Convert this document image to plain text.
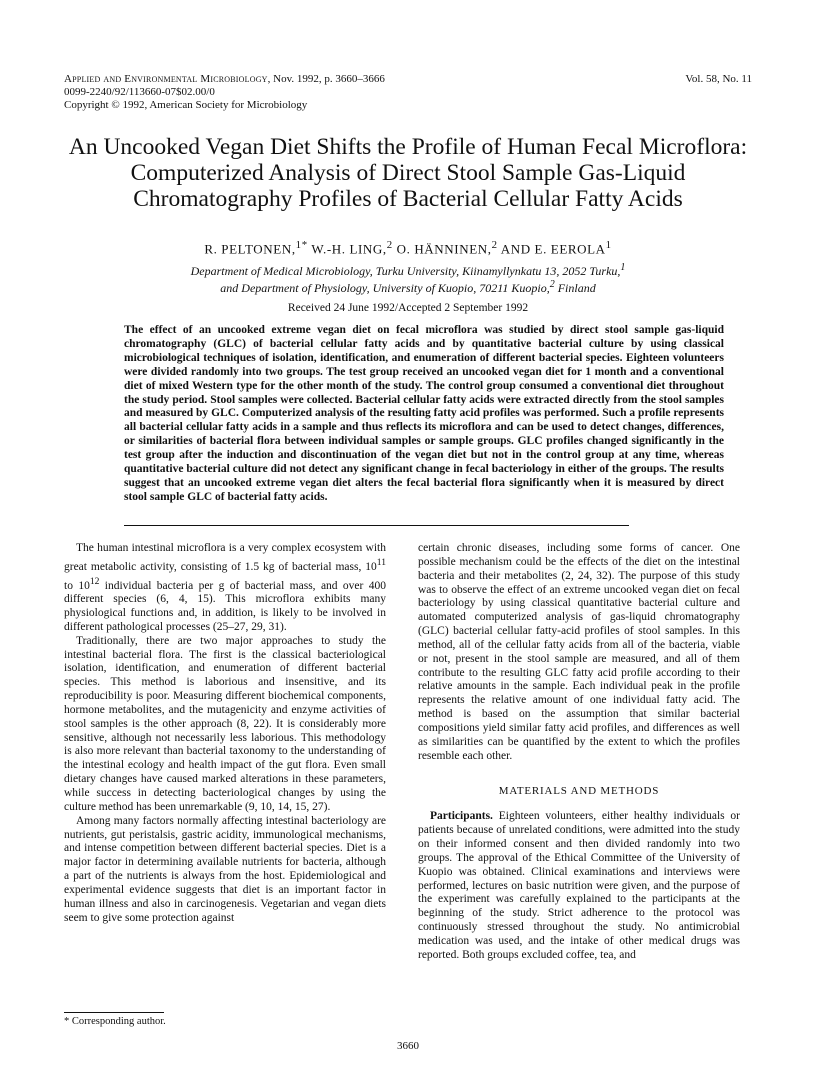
Applied and Environmental Microbiology, Nov. 1992, p. 3660–3666
0099-2240/92/113660-07$02.00/0
Copyright © 1992, American Society for Microbiology
Vol. 58, No. 11
An Uncooked Vegan Diet Shifts the Profile of Human Fecal Microflora: Computerized Analysis of Direct Stool Sample Gas-Liquid Chromatography Profiles of Bacterial Cellular Fatty Acids
R. PELTONEN,$^{1*}$ W.-H. LING,$^2$ O. HÄNNINEN,$^2$ AND E. EEROLA$^1$
Department of Medical Microbiology, Turku University, Kiinamyllynkatu 13, 2052 Turku,$^1$
and Department of Physiology, University of Kuopio, 70211 Kuopio,$^2$ Finland
Received 24 June 1992/Accepted 2 September 1992

The effect of an uncooked extreme vegan diet on fecal microflora was studied by direct stool sample gas-liquid chromatography (GLC) of bacterial cellular fatty acids and by quantitative bacterial culture by using classical microbiological techniques of isolation, identification, and enumeration of different bacterial species. Eighteen volunteers were divided randomly into two groups. The test group received an uncooked vegan diet for 1 month and a conventional diet of mixed Western type for the other month of the study. The control group consumed a conventional diet throughout the study period. Stool samples were collected. Bacterial cellular fatty acids were extracted directly from the stool samples and measured by GLC. Computerized analysis of the resulting fatty acid profiles was performed. Such a profile represents all bacterial cellular fatty acids in a sample and thus reflects its microflora and can be used to detect changes, differences, or similarities of bacterial flora between individual samples or sample groups. GLC profiles changed significantly in the test group after the induction and discontinuation of the vegan diet but not in the control group at any time, whereas quantitative bacterial culture did not detect any significant change in fecal bacteriology in either of the groups. The results suggest that an uncooked extreme vegan diet alters the fecal bacterial flora significantly when it is measured by direct stool sample GLC of bacterial fatty acids.

The human intestinal microflora is a very complex ecosystem with great metabolic activity, consisting of 1.5 kg of bacterial mass, $10^{11}$ to $10^{12}$ individual bacteria per g of bacterial mass, and over 400 different species (6, 4, 15). This microflora exhibits many physiological functions and, in addition, is likely to be involved in different pathological processes (25–27, 29, 31).

Traditionally, there are two major approaches to study the intestinal bacterial flora. The first is the classical bacteriological isolation, identification, and enumeration of different bacterial species. This method is laborious and insensitive, and its reproducibility is poor. Measuring different biochemical components, hormone metabolites, and the mutagenicity and enzyme activities of stool samples is the other approach (8, 22). It is considerably more sensitive, although not necessarily less laborious. This methodology is also more relevant than bacterial taxonomy to the understanding of the intestinal ecology and health impact of the gut flora. Even small dietary changes have caused marked alterations in these parameters, while success in detecting bacteriological changes by using the culture method has been unremarkable (9, 10, 14, 15, 27).

Among many factors normally affecting intestinal bacteriology are nutrients, gut peristalsis, gastric acidity, immunological mechanisms, and intense competition between different bacterial species. Diet is a major factor in determining available nutrients for bacteria, although a part of the nutrients is always from the host. Epidemiological and experimental evidence suggests that diet is an important factor in human illness and also in carcinogenesis. Vegetarian and vegan diets seem to give some protection against

certain chronic diseases, including some forms of cancer. One possible mechanism could be the effects of the diet on the intestinal bacteria and their metabolites (2, 24, 32). The purpose of this study was to observe the effect of an extreme uncooked vegan diet on fecal bacteriology by using classical quantitative bacterial culture and automated computerized analysis of gas-liquid chromatography (GLC) bacterial cellular fatty-acid profiles of stool samples. In this method, all of the cellular fatty acids from all of the bacteria, viable or not, present in the stool sample are measured, and all of them contribute to the resulting GLC fatty acid profile according to their relative amounts in the sample. Each individual peak in the profile represents the relative amount of one individual fatty acid. The method is based on the assumption that similar bacterial compositions yield similar fatty acid profiles, and differences as well as similarities can be quantified by the extent to which the profiles resemble each other.

MATERIALS AND METHODS

Participants. Eighteen volunteers, either healthy individuals or patients because of unrelated conditions, were admitted into the study on their informed consent and then divided randomly into two groups. The approval of the Ethical Committee of the University of Kuopio was obtained. Clinical examinations and interviews were performed, lectures on basic nutrition were given, and the purpose of the experiment was carefully explained to the participants at the beginning of the study. Strict adherence to the protocol was continuously stressed throughout the study. No antimicrobial medication was used, and the intake of other medical drugs was reported. Both groups excluded coffee, tea, and

* Corresponding author.
3660
